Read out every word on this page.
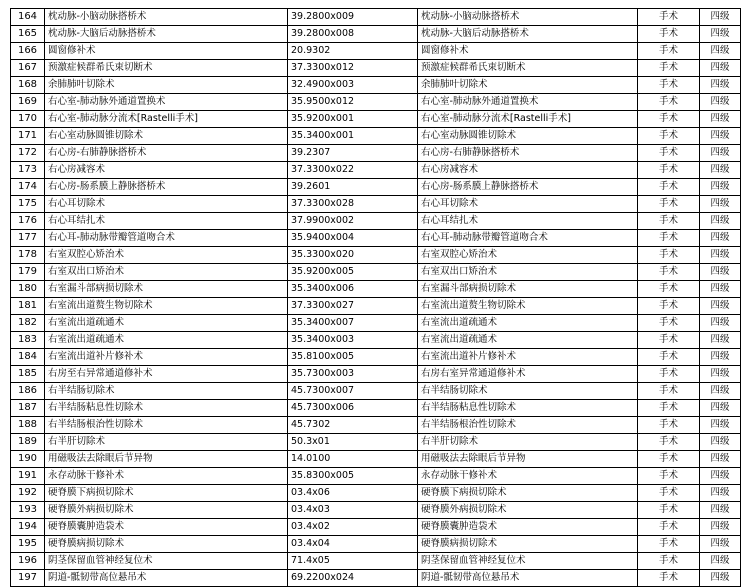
164	枕动脉-小脑动脉搭桥术	39.2800x009	枕动脉-小脑动脉搭桥术	手术	四级
165	枕动脉-大脑后动脉搭桥术	39.2800x008	枕动脉-大脑后动脉搭桥术	手术	四级
166	圆窗修补术	20.9302	圆窗修补术	手术	四级
167	预激症候群希氏束切断术	37.3300x012	预激症候群希氏束切断术	手术	四级
168	余肺肺叶切除术	32.4900x003	余肺肺叶切除术	手术	四级
169	右心室-肺动脉外通道置换术	35.9500x012	右心室-肺动脉外通道置换术	手术	四级
170	右心室-肺动脉分流术[Rastelli手术]	35.9200x001	右心室-肺动脉分流术[Rastelli手术]	手术	四级
171	右心室动脉圆锥切除术	35.3400x001	右心室动脉圆锥切除术	手术	四级
172	右心房-右肺静脉搭桥术	39.2307	右心房-右肺静脉搭桥术	手术	四级
173	右心房减容术	37.3300x022	右心房减容术	手术	四级
174	右心房-肠系膜上静脉搭桥术	39.2601	右心房-肠系膜上静脉搭桥术	手术	四级
175	右心耳切除术	37.3300x028	右心耳切除术	手术	四级
176	右心耳结扎术	37.9900x002	右心耳结扎术	手术	四级
177	右心耳-肺动脉带瓣管道吻合术	35.9400x004	右心耳-肺动脉带瓣管道吻合术	手术	四级
178	右室双腔心矫治术	35.3300x020	右室双腔心矫治术	手术	四级
179	右室双出口矫治术	35.9200x005	右室双出口矫治术	手术	四级
180	右室漏斗部病损切除术	35.3400x006	右室漏斗部病损切除术	手术	四级
181	右室流出道赘生物切除术	37.3300x027	右室流出道赘生物切除术	手术	四级
182	右室流出道疏通术	35.3400x007	右室流出道疏通术	手术	四级
183	右室流出道疏通术	35.3400x003	右室流出道疏通术	手术	四级
184	右室流出道补片修补术	35.8100x005	右室流出道补片修补术	手术	四级
185	右房至右异常通道修补术	35.7300x003	右房右室异常通道修补术	手术	四级
186	右半结肠切除术	45.7300x007	右半结肠切除术	手术	四级
187	右半结肠粘息性切除术	45.7300x006	右半结肠粘息性切除术	手术	四级
188	右半结肠根治性切除术	45.7302	右半结肠根治性切除术	手术	四级
189	右半肝切除术	50.3x01	右半肝切除术	手术	四级
190	用磁吸法去除眼后节异物	14.0100	用磁吸法去除眼后节异物	手术	四级
191	永存动脉干修补术	35.8300x005	永存动脉干修补术	手术	四级
192	硬脊膜下病损切除术	03.4x06	硬脊膜下病损切除术	手术	四级
193	硬脊膜外病损切除术	03.4x03	硬脊膜外病损切除术	手术	四级
194	硬脊膜囊肿造袋术	03.4x02	硬脊膜囊肿造袋术	手术	四级
195	硬脊膜病损切除术	03.4x04	硬脊膜病损切除术	手术	四级
196	阴茎保留血管神经复位术	71.4x05	阴茎保留血管神经复位术	手术	四级
197	阴道-骶韧带高位悬吊术	69.2200x024	阴道-骶韧带高位悬吊术	手术	四级
